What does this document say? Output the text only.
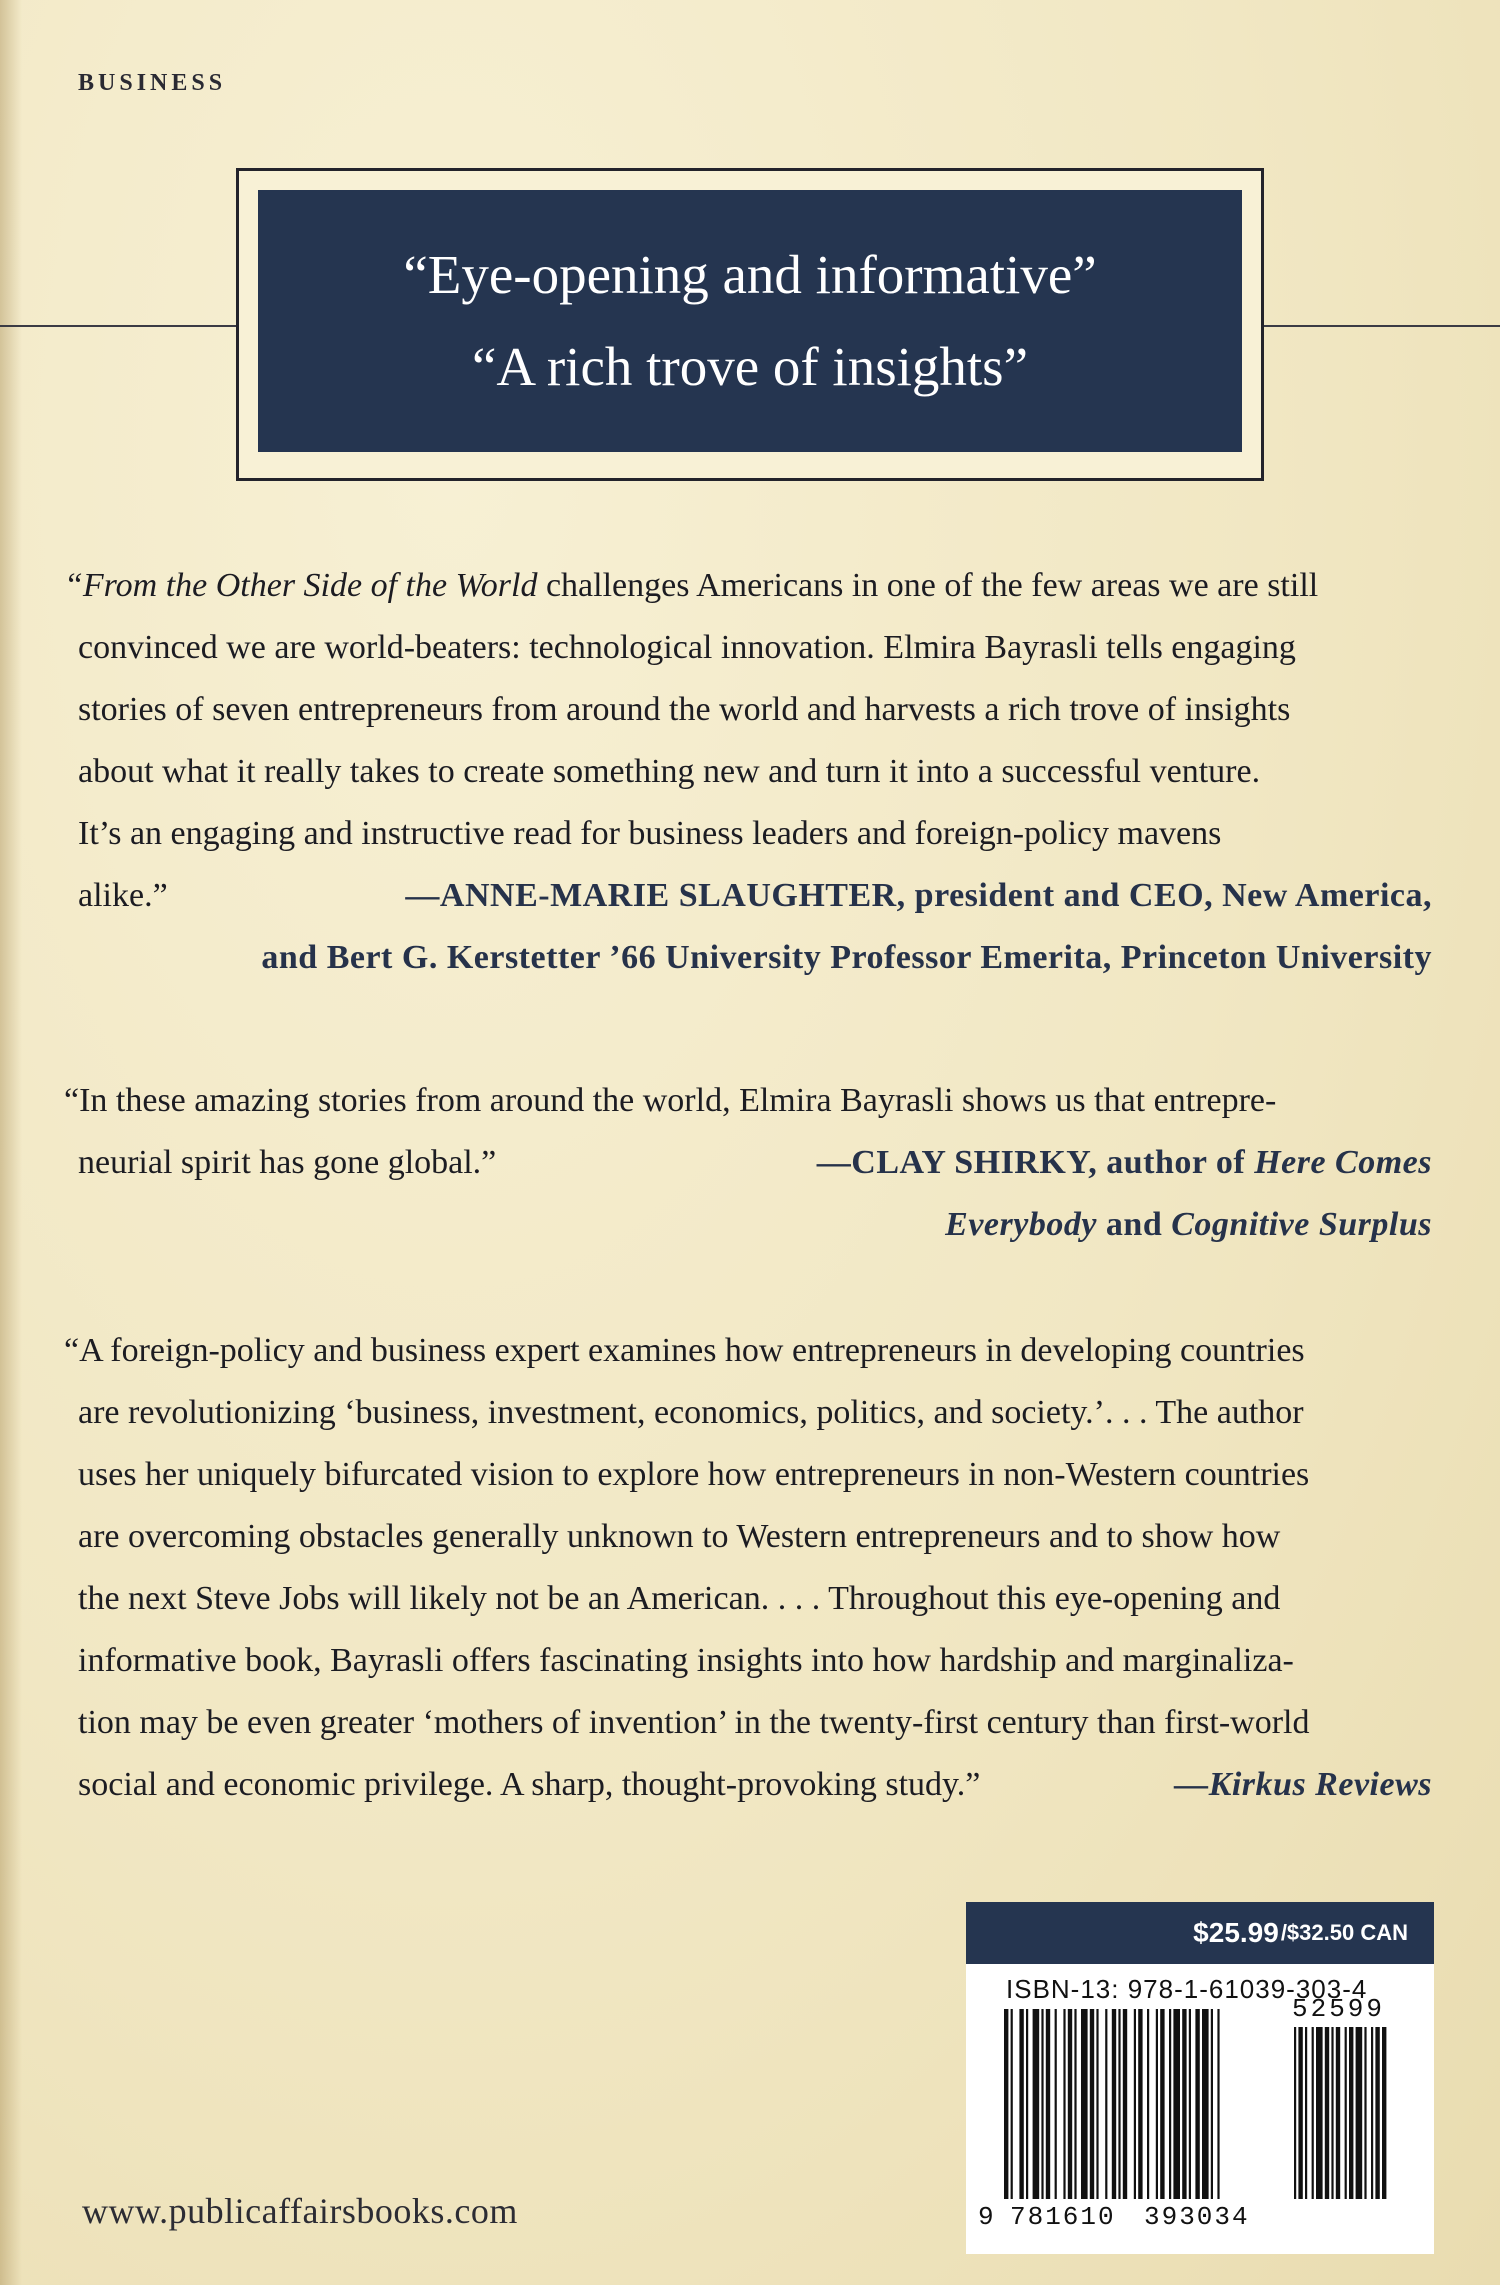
BUSINESS
“Eye-opening and informative”
“A rich trove of insights”
“From the Other Side of the World challenges Americans in one of the few areas we are still
convinced we are world-beaters: technological innovation. Elmira Bayrasli tells engaging
stories of seven entrepreneurs from around the world and harvests a rich trove of insights
about what it really takes to create something new and turn it into a successful venture.
It’s an engaging and instructive read for business leaders and foreign-policy mavens
alike.”	—ANNE-MARIE SLAUGHTER, president and CEO, New America,
and Bert G. Kerstetter ’66 University Professor Emerita, Princeton University
“In these amazing stories from around the world, Elmira Bayrasli shows us that entrepre-
neurial spirit has gone global.”	—CLAY SHIRKY, author of Here Comes
Everybody and Cognitive Surplus
“A foreign-policy and business expert examines how entrepreneurs in developing countries
are revolutionizing ‘business, investment, economics, politics, and society.’. . . The author
uses her uniquely bifurcated vision to explore how entrepreneurs in non-Western countries
are overcoming obstacles generally unknown to Western entrepreneurs and to show how
the next Steve Jobs will likely not be an American. . . . Throughout this eye-opening and
informative book, Bayrasli offers fascinating insights into how hardship and marginaliza-
tion may be even greater ‘mothers of invention’ in the twenty-first century than first-world
social and economic privilege. A sharp, thought-provoking study.”	—Kirkus Reviews
$25.99 /$32.50 CAN
ISBN-13: 978-1-61039-303-4
52599
9 781610 393034
www.publicaffairsbooks.com
